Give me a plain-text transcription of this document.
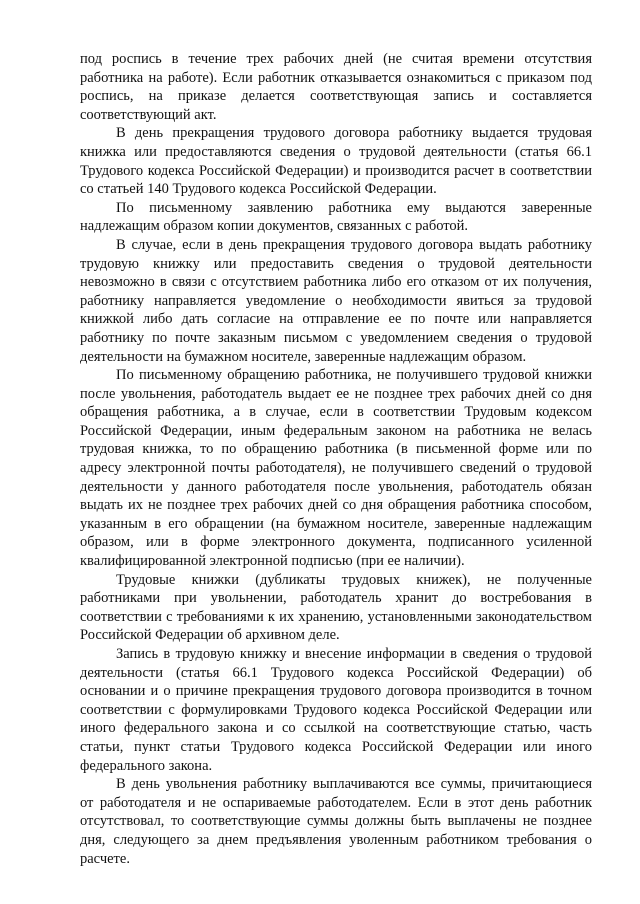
под роспись в течение трех рабочих дней (не считая времени отсутствия работника на работе). Если работник отказывается ознакомиться с приказом под роспись, на приказе делается соответствующая запись и составляется соответствующий акт.

В день прекращения трудового договора работнику выдается трудовая книжка или предоставляются сведения о трудовой деятельности (статья 66.1 Трудового кодекса Российской Федерации) и производится расчет в соответствии со статьей 140 Трудового кодекса Российской Федерации.

По письменному заявлению работника ему выдаются заверенные надлежащим образом копии документов, связанных с работой.

В случае, если в день прекращения трудового договора выдать работнику трудовую книжку или предоставить сведения о трудовой деятельности невозможно в связи с отсутствием работника либо его отказом от их получения, работнику направляется уведомление о необходимости явиться за трудовой книжкой либо дать согласие на отправление ее по почте или направляется работнику по почте заказным письмом с уведомлением сведения о трудовой деятельности на бумажном носителе, заверенные надлежащим образом.

По письменному обращению работника, не получившего трудовой книжки после увольнения, работодатель выдает ее не позднее трех рабочих дней со дня обращения работника, а в случае, если в соответствии Трудовым кодексом Российской Федерации, иным федеральным законом на работника не велась трудовая книжка, то по обращению работника (в письменной форме или по адресу электронной почты работодателя), не получившего сведений о трудовой деятельности у данного работодателя после увольнения, работодатель обязан выдать их не позднее трех рабочих дней со дня обращения работника способом, указанным в его обращении (на бумажном носителе, заверенные надлежащим образом, или в форме электронного документа, подписанного усиленной квалифицированной электронной подписью (при ее наличии).

Трудовые книжки (дубликаты трудовых книжек), не полученные работниками при увольнении, работодатель хранит до востребования в соответствии с требованиями к их хранению, установленными законодательством Российской Федерации об архивном деле.

Запись в трудовую книжку и внесение информации в сведения о трудовой деятельности (статья 66.1 Трудового кодекса Российской Федерации) об основании и о причине прекращения трудового договора производится в точном соответствии с формулировками Трудового кодекса Российской Федерации или иного федерального закона и со ссылкой на соответствующие статью, часть статьи, пункт статьи Трудового кодекса Российской Федерации или иного федерального закона.

В день увольнения работнику выплачиваются все суммы, причитающиеся от работодателя и не оспариваемые работодателем. Если в этот день работник отсутствовал, то соответствующие суммы должны быть выплачены не позднее дня, следующего за днем предъявления уволенным работником требования о расчете.
